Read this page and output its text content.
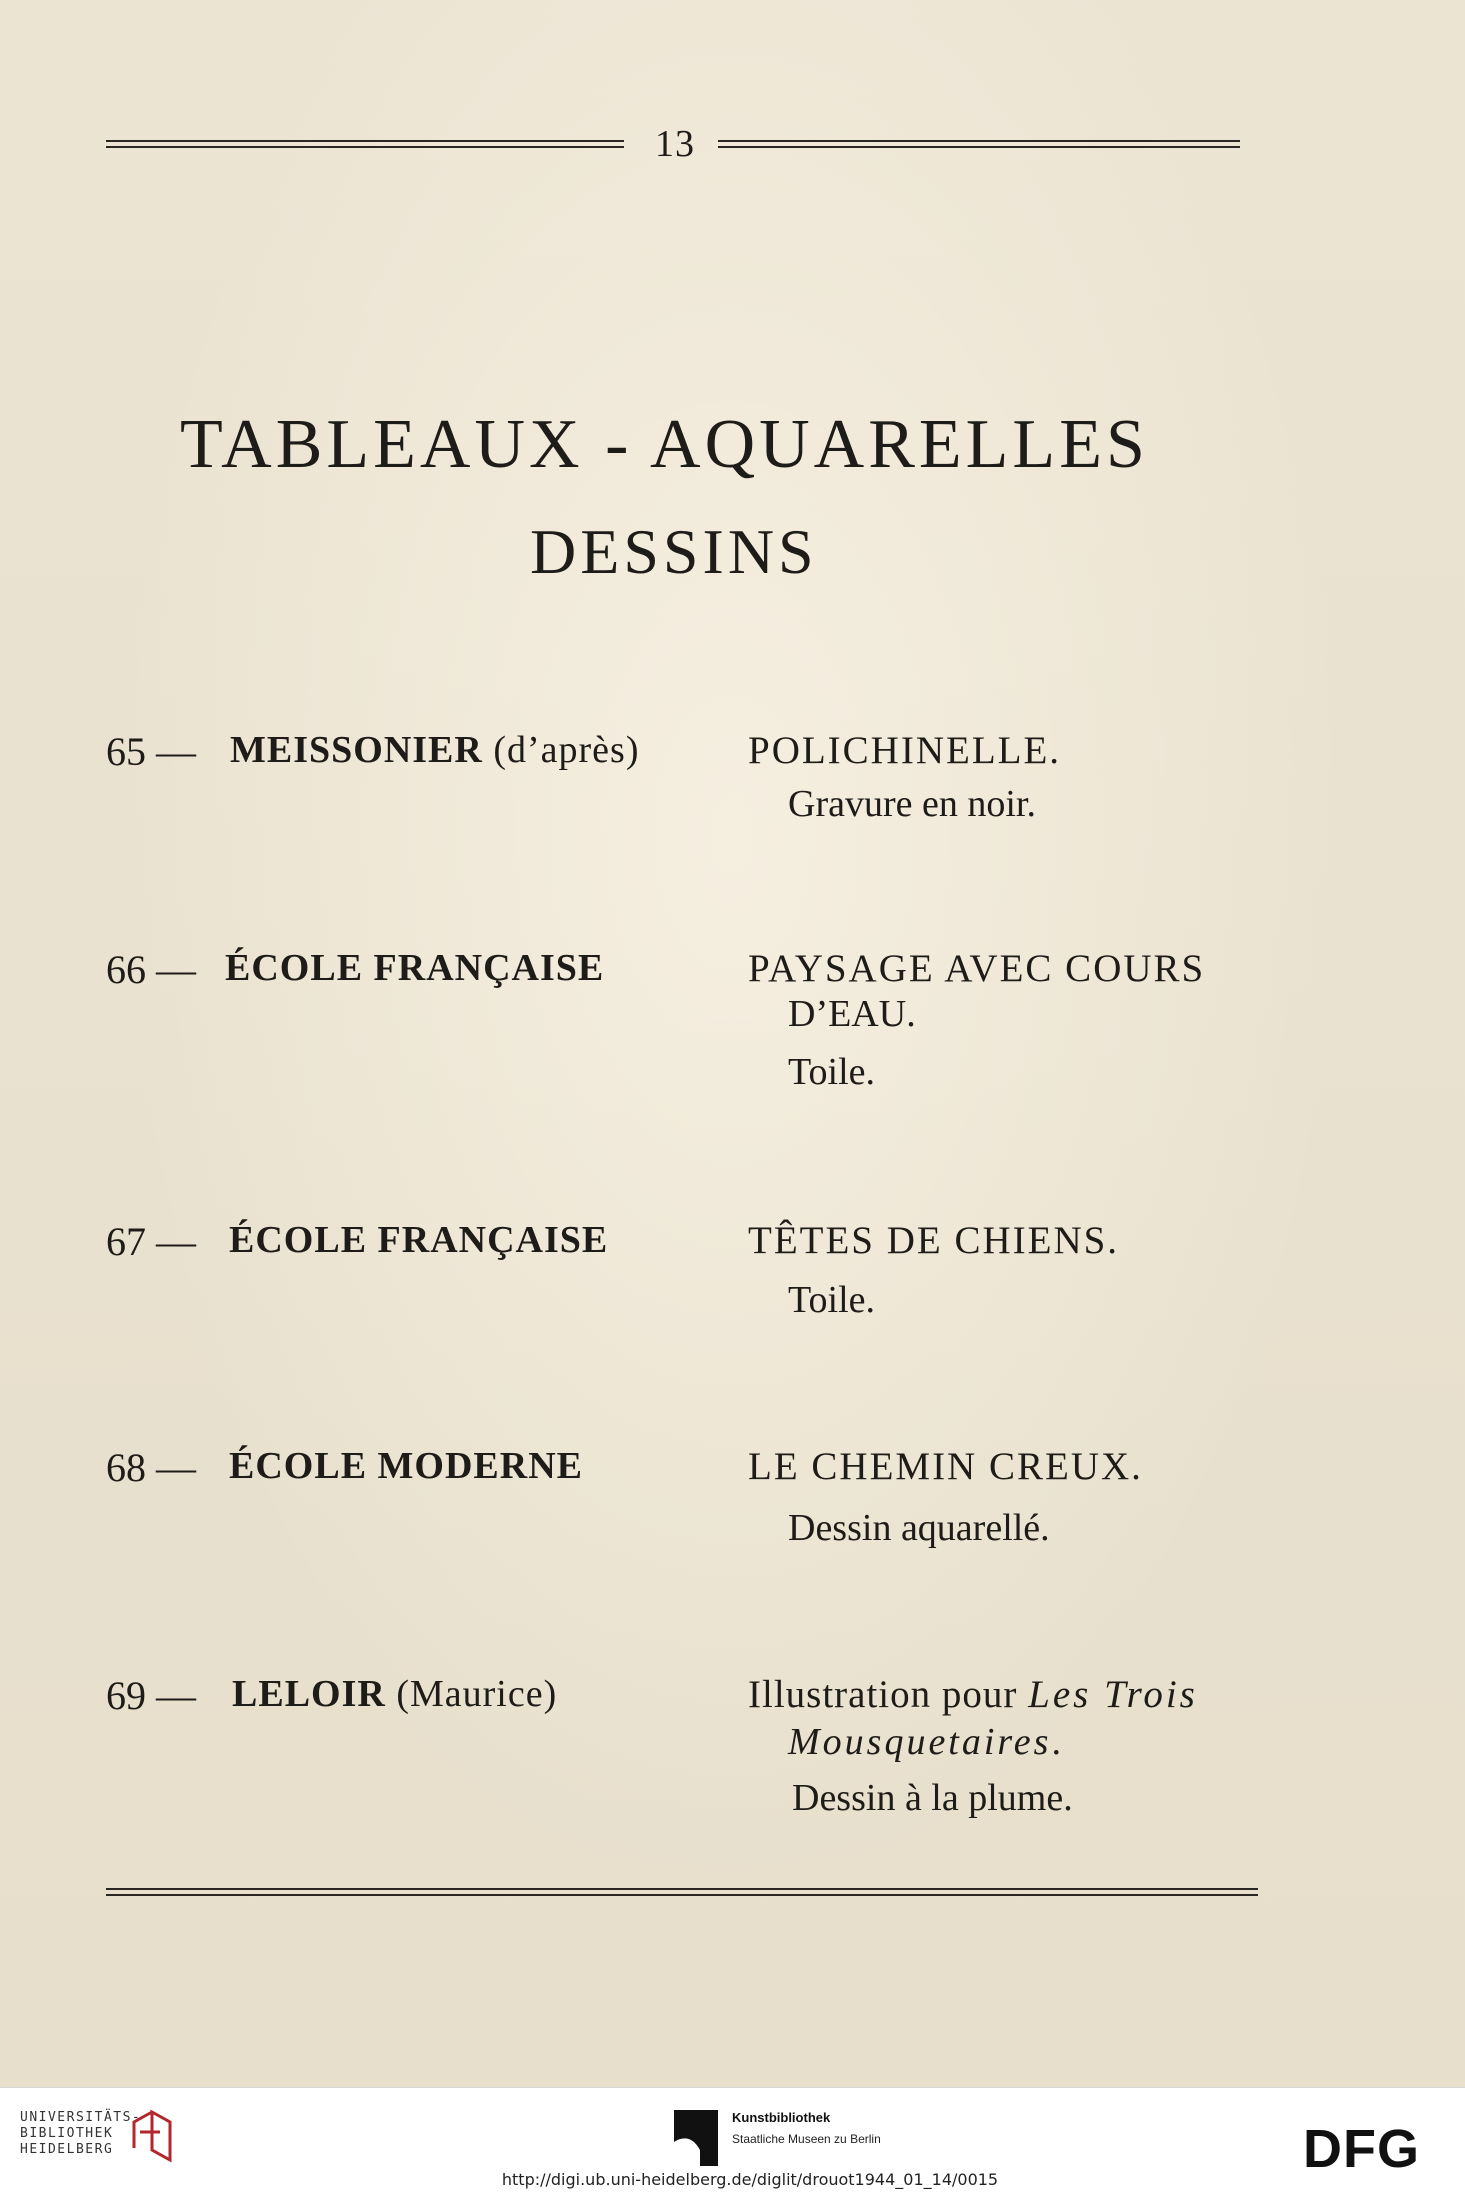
13
TABLEAUX - AQUARELLES
DESSINS
65 — MEISSONIER (d’après)	POLICHINELLE.
Gravure en noir.
66 — ÉCOLE FRANÇAISE	PAYSAGE AVEC COURS
D’EAU.
Toile.
67 — ÉCOLE FRANÇAISE	TÊTES DE CHIENS.
Toile.
68 — ÉCOLE MODERNE	LE CHEMIN CREUX.
Dessin aquarellé.
69 — LELOIR (Maurice)	Illustration pour Les Trois
Mousquetaires.
Dessin à la plume.
UNIVERSITÄTS-
BIBLIOTHEK
HEIDELBERG
Kunstbibliothek
Staatliche Museen zu Berlin	DFG
http://digi.ub.uni-heidelberg.de/diglit/drouot1944_01_14/0015
